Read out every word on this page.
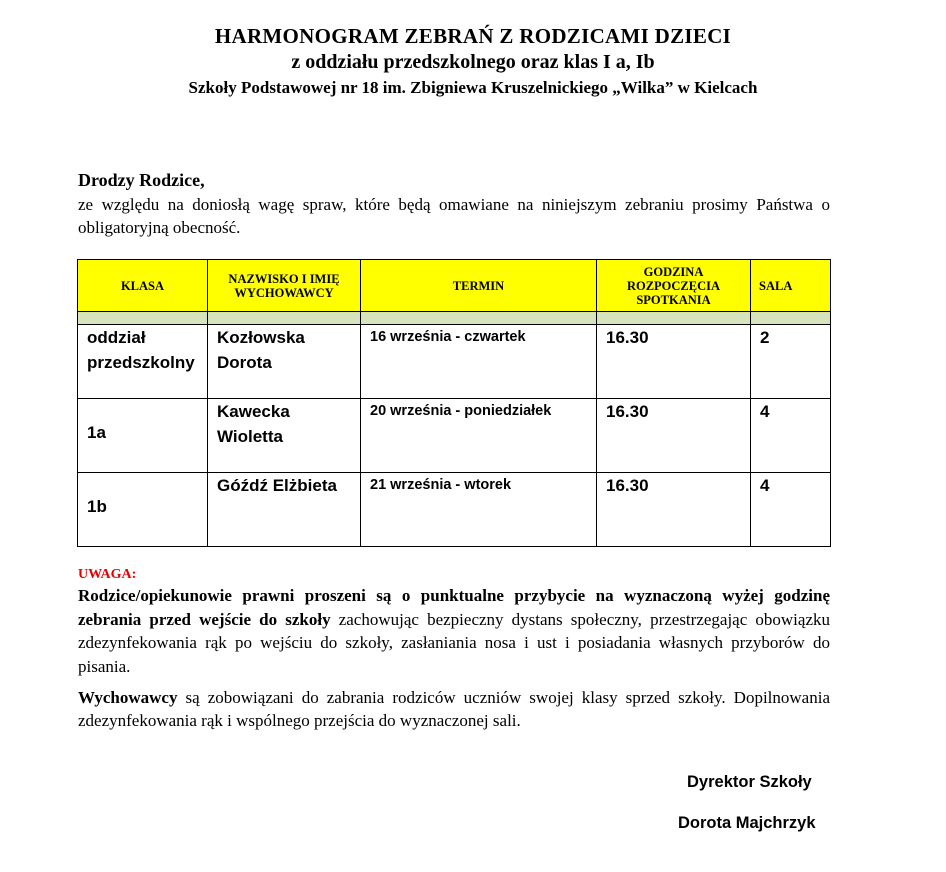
HARMONOGRAM ZEBRAŃ Z RODZICAMI DZIECI
z oddziału przedszkolnego oraz klas I a, Ib
Szkoły Podstawowej nr 18 im. Zbigniewa Kruszelnickiego „Wilka” w Kielcach
Drodzy Rodzice,
ze względu na doniosłą wagę spraw, które będą omawiane na niniejszym zebraniu prosimy Państwa o obligatoryjną obecność.
KLASA	NAZWISKO I IMIĘ WYCHOWAWCY	TERMIN	GODZINA ROZPOCZĘCIA SPOTKANIA	SALA

oddział przedszkolny	Kozłowska Dorota	16 września - czwartek	16.30	2

1a	Kawecka Wioletta	20 września - poniedziałek	16.30	4

1b	Góźdź Elżbieta	21 września - wtorek	16.30	4
UWAGA:
Rodzice/opiekunowie prawni proszeni są o punktualne przybycie na wyznaczoną wyżej godzinę zebrania przed wejście do szkoły zachowując bezpieczny dystans społeczny, przestrzegając obowiązku zdezynfekowania rąk po wejściu do szkoły, zasłaniania nosa i ust i posiadania własnych przyborów do pisania.
Wychowawcy są zobowiązani do zabrania rodziców uczniów swojej klasy sprzed szkoły. Dopilnowania zdezynfekowania rąk i wspólnego przejścia do wyznaczonej sali.
Dyrektor Szkoły
Dorota Majchrzyk
